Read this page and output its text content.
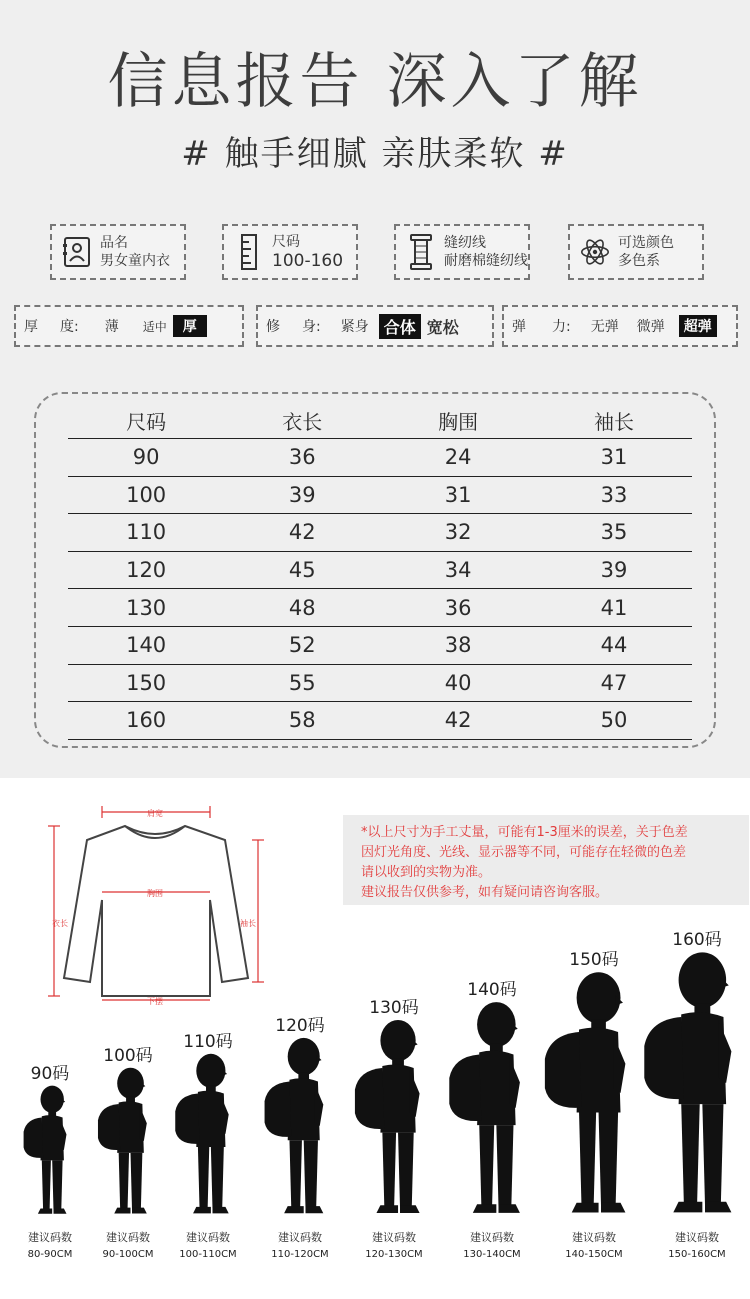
信息报告 深入了解
# 触手细腻 亲肤柔软 #
品名
男女童内衣
尺码
100-160
缝纫线
耐磨棉缝纫线
可选颜色
多色系
厚 度: 薄 适中	厚	修 身: 紧身 合体 宽松	弹 力: 无弹 微弹	超弹
尺码	衣长	胸围	袖长
90	36	24	31
100	39	31	33
110	42	32	35
120	45	34	39
130	48	36	41
140	52	38	44
150	55	40	47
160	58	42	50
肩宽
胸围
衣长	袖长
下摆
*以上尺寸为手工丈量，可能有1-3厘米的误差，关于色差
因灯光角度、光线、显示器等不同，可能存在轻微的色差
请以收到的实物为准。
建议报告仅供参考，如有疑问请咨询客服。
90码
建议码数
80-90CM
100码
建议码数
90-100CM
110码
建议码数
100-110CM
120码
建议码数
110-120CM
130码
建议码数
120-130CM
140码
建议码数
130-140CM
150码
建议码数
140-150CM
160码
建议码数
150-160CM
